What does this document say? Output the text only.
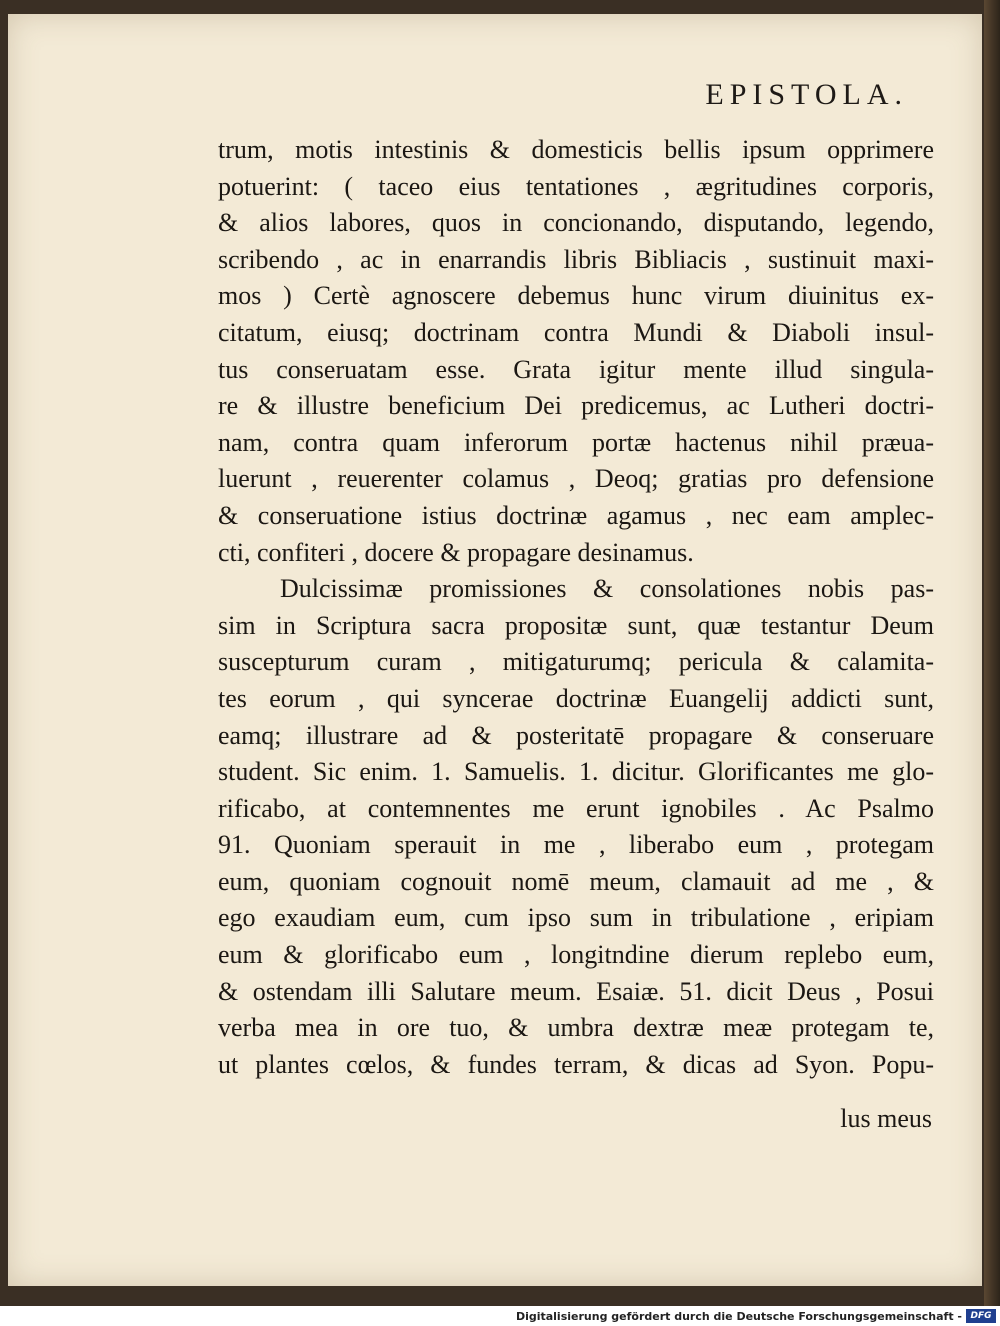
EPISTOLA.
trum, motis intestinis & domesticis bellis ipsum opprimere
potuerint: ( taceo eius tentationes , ægritudines corporis,
& alios labores, quos in concionando, disputando, legendo,
scribendo , ac in enarrandis libris Bibliacis , sustinuit maxi-
mos ) Certè agnoscere debemus hunc virum diuinitus ex-
citatum, eiusq; doctrinam contra Mundi & Diaboli insul-
tus conseruatam esse. Grata igitur mente illud singula-
re & illustre beneficium Dei predicemus, ac Lutheri doctri-
nam, contra quam inferorum portæ hactenus nihil præua-
luerunt , reuerenter colamus , Deoq; gratias pro defensione
& conseruatione istius doctrinæ agamus , nec eam amplec-
cti, confiteri , docere & propagare desinamus.
Dulcissimæ promissiones & consolationes nobis pas-
sim in Scriptura sacra propositæ sunt, quæ testantur Deum
suscepturum curam , mitigaturumq; pericula & calamita-
tes eorum , qui syncerae doctrinæ Euangelij addicti sunt,
eamq; illustrare ad & posteritatē propagare & conseruare
student. Sic enim. 1. Samuelis. 1. dicitur. Glorificantes me glo-
rificabo, at contemnentes me erunt ignobiles . Ac Psalmo
91. Quoniam sperauit in me , liberabo eum , protegam
eum, quoniam cognouit nomē meum, clamauit ad me , &
ego exaudiam eum, cum ipso sum in tribulatione , eripiam
eum & glorificabo eum , longitndine dierum replebo eum,
& ostendam illi Salutare meum. Esaiæ. 51. dicit Deus , Posui
verba mea in ore tuo, & umbra dextræ meæ protegam te,
ut plantes cœlos, & fundes terram, & dicas ad Syon. Popu-
lus meus
Digitalisierung gefördert durch die Deutsche Forschungsgemeinschaft - DFG
